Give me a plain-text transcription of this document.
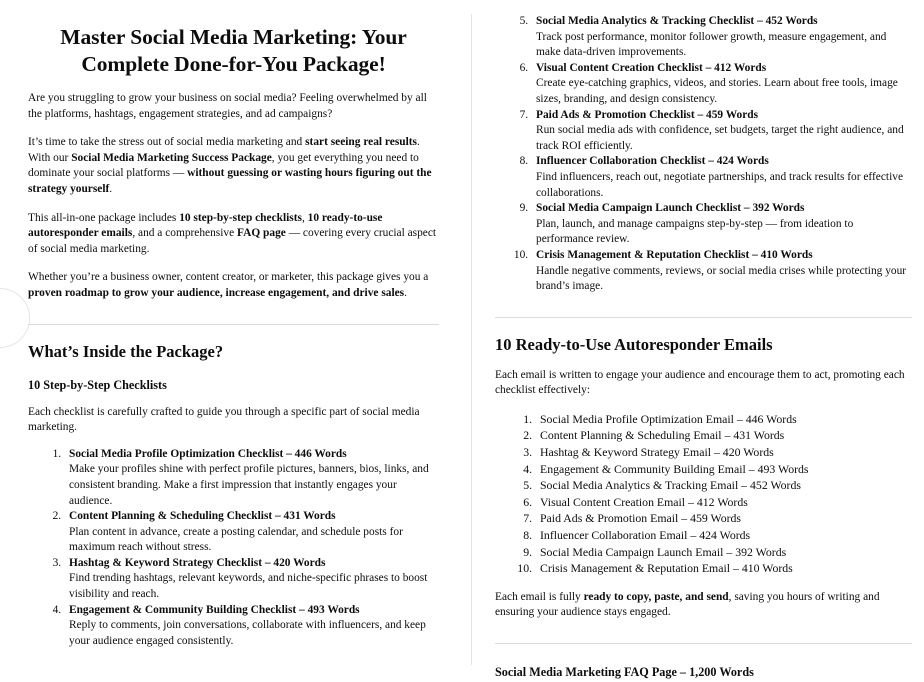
Master Social Media Marketing: Your Complete Done-for-You Package!

Are you struggling to grow your business on social media? Feeling overwhelmed by all the platforms, hashtags, engagement strategies, and ad campaigns?

It’s time to take the stress out of social media marketing and start seeing real results. With our Social Media Marketing Success Package, you get everything you need to dominate your social platforms — without guessing or wasting hours figuring out the strategy yourself.

This all-in-one package includes 10 step-by-step checklists, 10 ready-to-use autoresponder emails, and a comprehensive FAQ page — covering every crucial aspect of social media marketing.

Whether you’re a business owner, content creator, or marketer, this package gives you a proven roadmap to grow your audience, increase engagement, and drive sales.

What’s Inside the Package?
10 Step-by-Step Checklists

Each checklist is carefully crafted to guide you through a specific part of social media marketing.

1. Social Media Profile Optimization Checklist – 446 Words
Make your profiles shine with perfect profile pictures, banners, bios, links, and consistent branding. Make a first impression that instantly engages your audience.
2. Content Planning & Scheduling Checklist – 431 Words
Plan content in advance, create a posting calendar, and schedule posts for maximum reach without stress.
3. Hashtag & Keyword Strategy Checklist – 420 Words
Find trending hashtags, relevant keywords, and niche-specific phrases to boost visibility and reach.
4. Engagement & Community Building Checklist – 493 Words
Reply to comments, join conversations, collaborate with influencers, and keep your audience engaged consistently.
5. Social Media Analytics & Tracking Checklist – 452 Words
Track post performance, monitor follower growth, measure engagement, and make data-driven improvements.
6. Visual Content Creation Checklist – 412 Words
Create eye-catching graphics, videos, and stories. Learn about free tools, image sizes, branding, and design consistency.
7. Paid Ads & Promotion Checklist – 459 Words
Run social media ads with confidence, set budgets, target the right audience, and track ROI efficiently.
8. Influencer Collaboration Checklist – 424 Words
Find influencers, reach out, negotiate partnerships, and track results for effective collaborations.
9. Social Media Campaign Launch Checklist – 392 Words
Plan, launch, and manage campaigns step-by-step — from ideation to performance review.
10. Crisis Management & Reputation Checklist – 410 Words
Handle negative comments, reviews, or social media crises while protecting your brand’s image.
10 Ready-to-Use Autoresponder Emails

Each email is written to engage your audience and encourage them to act, promoting each checklist effectively:

1. Social Media Profile Optimization Email – 446 Words
2. Content Planning & Scheduling Email – 431 Words
3. Hashtag & Keyword Strategy Email – 420 Words
4. Engagement & Community Building Email – 493 Words
5. Social Media Analytics & Tracking Email – 452 Words
6. Visual Content Creation Email – 412 Words
7. Paid Ads & Promotion Email – 459 Words
8. Influencer Collaboration Email – 424 Words
9. Social Media Campaign Launch Email – 392 Words
10. Crisis Management & Reputation Email – 410 Words

Each email is fully ready to copy, paste, and send, saving you hours of writing and ensuring your audience stays engaged.

Social Media Marketing FAQ Page – 1,200 Words
